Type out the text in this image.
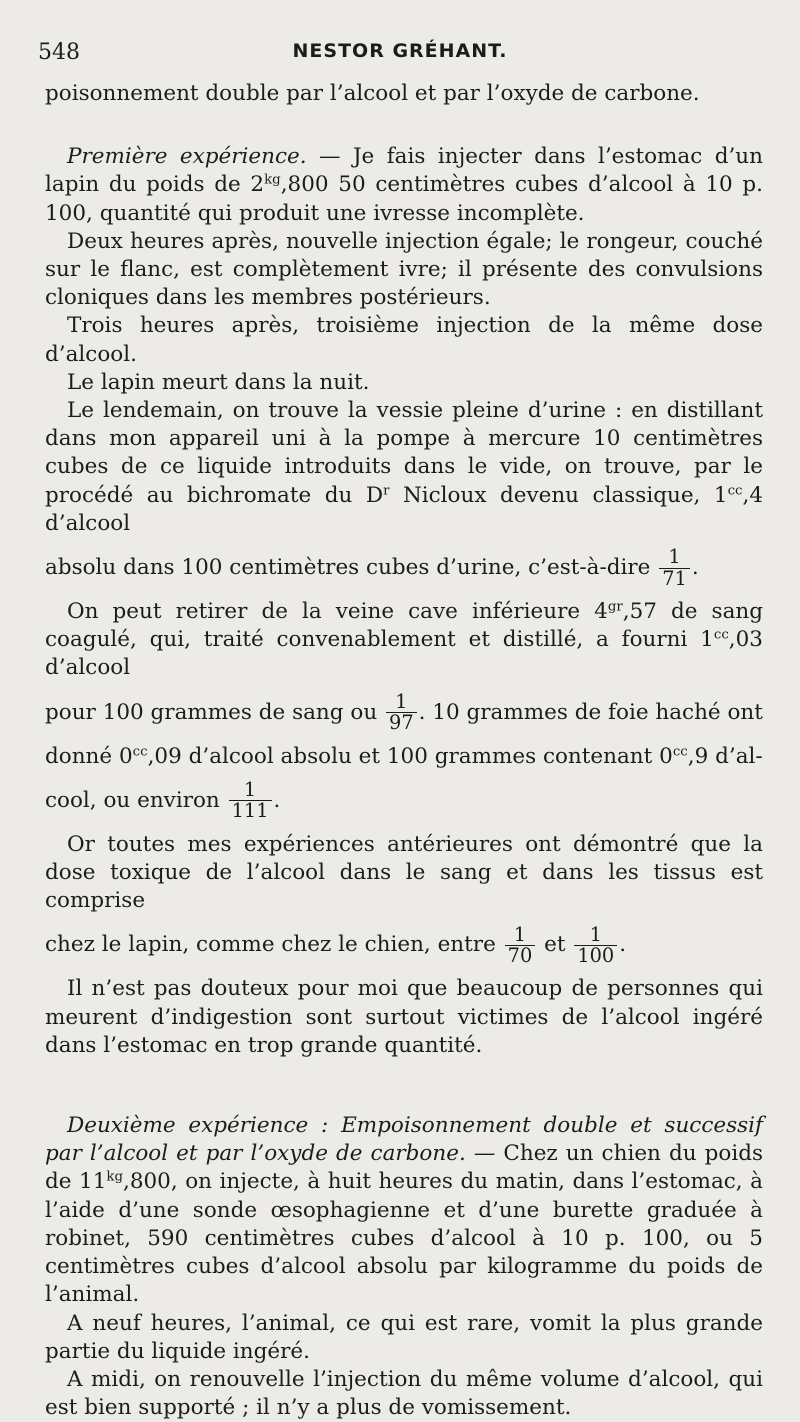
548	NESTOR GRÉHANT.

poisonnement double par l’alcool et par l’oxyde de carbone.

Première expérience. — Je fais injecter dans l’estomac d’un lapin du poids de $2^{kg},800$ 50 centimètres cubes d’alcool à 10 p. 100, quantité qui produit une ivresse incomplète.

Deux heures après, nouvelle injection égale; le rongeur, couché sur le flanc, est complètement ivre; il présente des convulsions cloniques dans les membres postérieurs.

Trois heures après, troisième injection de la même dose d’alcool.

Le lapin meurt dans la nuit.

Le lendemain, on trouve la vessie pleine d’urine : en distillant dans mon appareil uni à la pompe à mercure 10 centimètres cubes de ce liquide introduits dans le vide, on trouve, par le procédé au bichromate du $D^r$ Nicloux devenu classique, $1^{cc},4$ d’alcool

absolu dans 100 centimètres cubes d’urine, c’est-à-dire $\frac{1}{71}$ .

On peut retirer de la veine cave inférieure $4^{gr},57$ de sang coagulé, qui, traité convenablement et distillé, a fourni $1^{cc},03$ d’alcool

pour 100 grammes de sang ou $\frac{1}{97}$ . 10 grammes de foie haché ont

donné $0^{cc},09$ d’alcool absolu et 100 grammes contenant $0^{cc},9$ d’al-

cool, ou environ $\frac{1}{111}$ .

Or toutes mes expériences antérieures ont démontré que la dose toxique de l’alcool dans le sang et dans les tissus est comprise

chez le lapin, comme chez le chien, entre $\frac{1}{70}$ et $\frac{1}{100}$ .

Il n’est pas douteux pour moi que beaucoup de personnes qui meurent d’indigestion sont surtout victimes de l’alcool ingéré dans l’estomac en trop grande quantité.

Deuxième expérience : Empoisonnement double et successif par l’alcool et par l’oxyde de carbone. — Chez un chien du poids de $11^{kg},800$, on injecte, à huit heures du matin, dans l’estomac, à l’aide d’une sonde œsophagienne et d’une burette graduée à robinet, 590 centimètres cubes d’alcool à 10 p. 100, ou 5 centimètres cubes d’alcool absolu par kilogramme du poids de l’animal.

A neuf heures, l’animal, ce qui est rare, vomit la plus grande partie du liquide ingéré.

A midi, on renouvelle l’injection du même volume d’alcool, qui est bien supporté ; il n’y a plus de vomissement.
